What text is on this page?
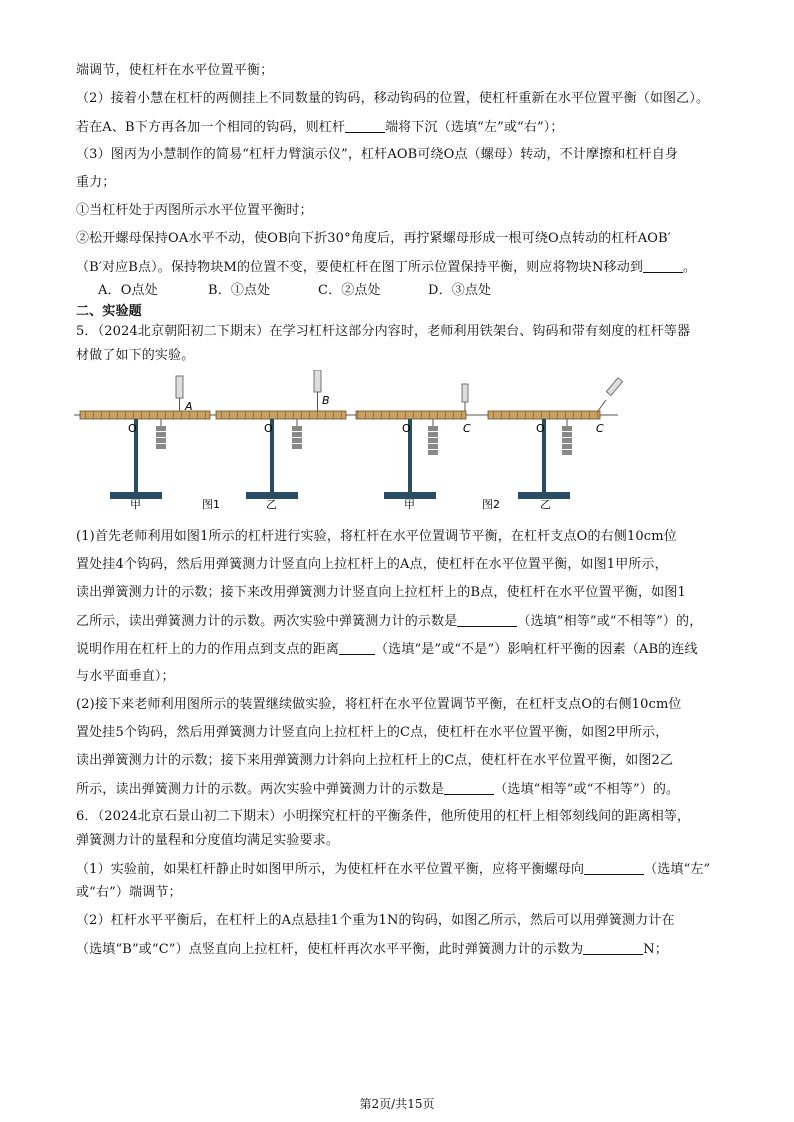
端调节，使杠杆在水平位置平衡；
（2）接着小慧在杠杆的两侧挂上不同数量的钩码，移动钩码的位置，使杠杆重新在水平位置平衡（如图乙）。
若在A、B下方再各加一个相同的钩码，则杠杆	端将下沉（选填“左”或“右”）；
（3）图丙为小慧制作的简易“杠杆力臂演示仪”，杠杆AOB可绕O点（螺母）转动，不计摩擦和杠杆自身
重力；
①当杠杆处于丙图所示水平位置平衡时；
②松开螺母保持OA水平不动，使OB向下折30°角度后，再拧紧螺母形成一根可绕O点转动的杠杆AOB′
（B′对应B点）。保持物块M的位置不变，要使杠杆在图丁所示位置保持平衡，则应将物块N移动到	。
A．O点处	B．①点处	C．②点处	D．③点处
二、实验题
5．（2024北京朝阳初二下期末）在学习杠杆这部分内容时，老师利用铁架台、钩码和带有刻度的杠杆等器
材做了如下的实验。
O
A
甲
O
B
乙
图1
O	C
甲
O	C
乙
图2
(1)首先老师利用如图1所示的杠杆进行实验，将杠杆在水平位置调节平衡，在杠杆支点O的右侧10cm位
置处挂4个钩码，然后用弹簧测力计竖直向上拉杠杆上的A点，使杠杆在水平位置平衡，如图1甲所示，
读出弹簧测力计的示数；接下来改用弹簧测力计竖直向上拉杠杆上的B点，使杠杆在水平位置平衡，如图1
乙所示，读出弹簧测力计的示数。两次实验中弹簧测力计的示数是	（选填“相等”或“不相等”）的，
说明作用在杠杆上的力的作用点到支点的距离	（选填“是”或“不是”）影响杠杆平衡的因素（AB的连线
与水平面垂直）；
(2)接下来老师利用图所示的装置继续做实验，将杠杆在水平位置调节平衡，在杠杆支点O的右侧10cm位
置处挂5个钩码，然后用弹簧测力计竖直向上拉杠杆上的C点，使杠杆在水平位置平衡，如图2甲所示，
读出弹簧测力计的示数；接下来用弹簧测力计斜向上拉杠杆上的C点，使杠杆在水平位置平衡，如图2乙
所示，读出弹簧测力计的示数。两次实验中弹簧测力计的示数是	（选填“相等”或“不相等”）的。
6．（2024北京石景山初二下期末）小明探究杠杆的平衡条件，他所使用的杠杆上相邻刻线间的距离相等，
弹簧测力计的量程和分度值均满足实验要求。
（1）实验前，如果杠杆静止时如图甲所示，为使杠杆在水平位置平衡，应将平衡螺母向	（选填“左”
或“右”）端调节；
（2）杠杆水平平衡后，在杠杆上的A点悬挂1个重为1N的钩码，如图乙所示，然后可以用弹簧测力计在
（选填“B”或“C”）点竖直向上拉杠杆，使杠杆再次水平平衡，此时弹簧测力计的示数为	N；
第2页/共15页
